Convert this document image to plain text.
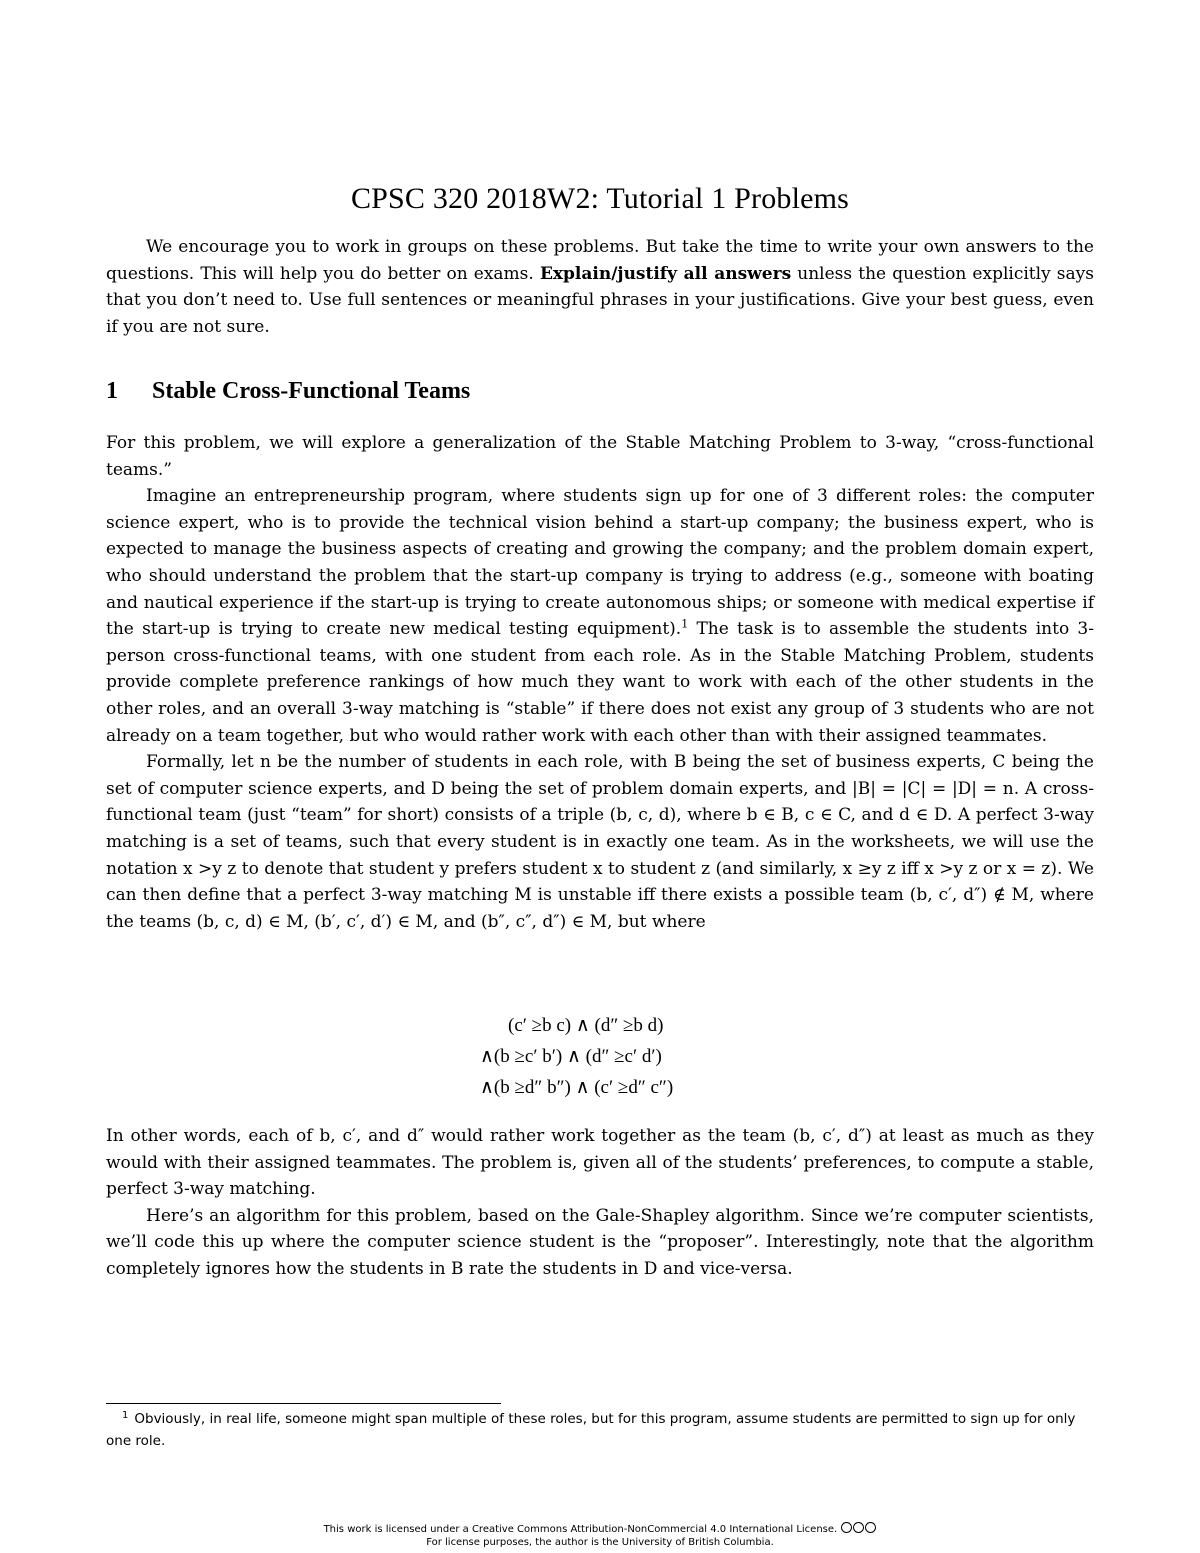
CPSC 320 2018W2: Tutorial 1 Problems
We encourage you to work in groups on these problems. But take the time to write your own answers to the questions. This will help you do better on exams. Explain/justify all answers unless the question explicitly says that you don’t need to. Use full sentences or meaningful phrases in your justifications. Give your best guess, even if you are not sure.
1 Stable Cross-Functional Teams
For this problem, we will explore a generalization of the Stable Matching Problem to 3-way, “cross-functional teams.”
Imagine an entrepreneurship program, where students sign up for one of 3 different roles: the computer science expert, who is to provide the technical vision behind a start-up company; the business expert, who is expected to manage the business aspects of creating and growing the company; and the problem domain expert, who should understand the problem that the start-up company is trying to address (e.g., someone with boating and nautical experience if the start-up is trying to create autonomous ships; or someone with medical expertise if the start-up is trying to create new medical testing equipment).$^1$ The task is to assemble the students into 3-person cross-functional teams, with one student from each role. As in the Stable Matching Problem, students provide complete preference rankings of how much they want to work with each of the other students in the other roles, and an overall 3-way matching is “stable” if there does not exist any group of 3 students who are not already on a team together, but who would rather work with each other than with their assigned teammates.
Formally, let n be the number of students in each role, with B being the set of business experts, C being the set of computer science experts, and D being the set of problem domain experts, and |B| = |C| = |D| = n. A cross-functional team (just “team” for short) consists of a triple (b, c, d), where b ∈ B, c ∈ C, and d ∈ D. A perfect 3-way matching is a set of teams, such that every student is in exactly one team. As in the worksheets, we will use the notation x >y z to denote that student y prefers student x to student z (and similarly, x ≥y z iff x >y z or x = z). We can then define that a perfect 3-way matching M is unstable iff there exists a possible team (b, c′, d″) ∉ M, where the teams (b, c, d) ∈ M, (b′, c′, d′) ∈ M, and (b″, c″, d″) ∈ M, but where
(c′ ≥b c) ∧ (d″ ≥b d)
∧(b ≥c′ b′) ∧ (d″ ≥c′ d′)
∧(b ≥d″ b″) ∧ (c′ ≥d″ c″)
In other words, each of b, c′, and d″ would rather work together as the team (b, c′, d″) at least as much as they would with their assigned teammates. The problem is, given all of the students’ preferences, to compute a stable, perfect 3-way matching.
Here’s an algorithm for this problem, based on the Gale-Shapley algorithm. Since we’re computer scientists, we’ll code this up where the computer science student is the “proposer”. Interestingly, note that the algorithm completely ignores how the students in B rate the students in D and vice-versa.
$^1$ Obviously, in real life, someone might span multiple of these roles, but for this program, assume students are permitted to sign up for only one role.
This work is licensed under a Creative Commons Attribution-NonCommercial 4.0 International License.
For license purposes, the author is the University of British Columbia.
